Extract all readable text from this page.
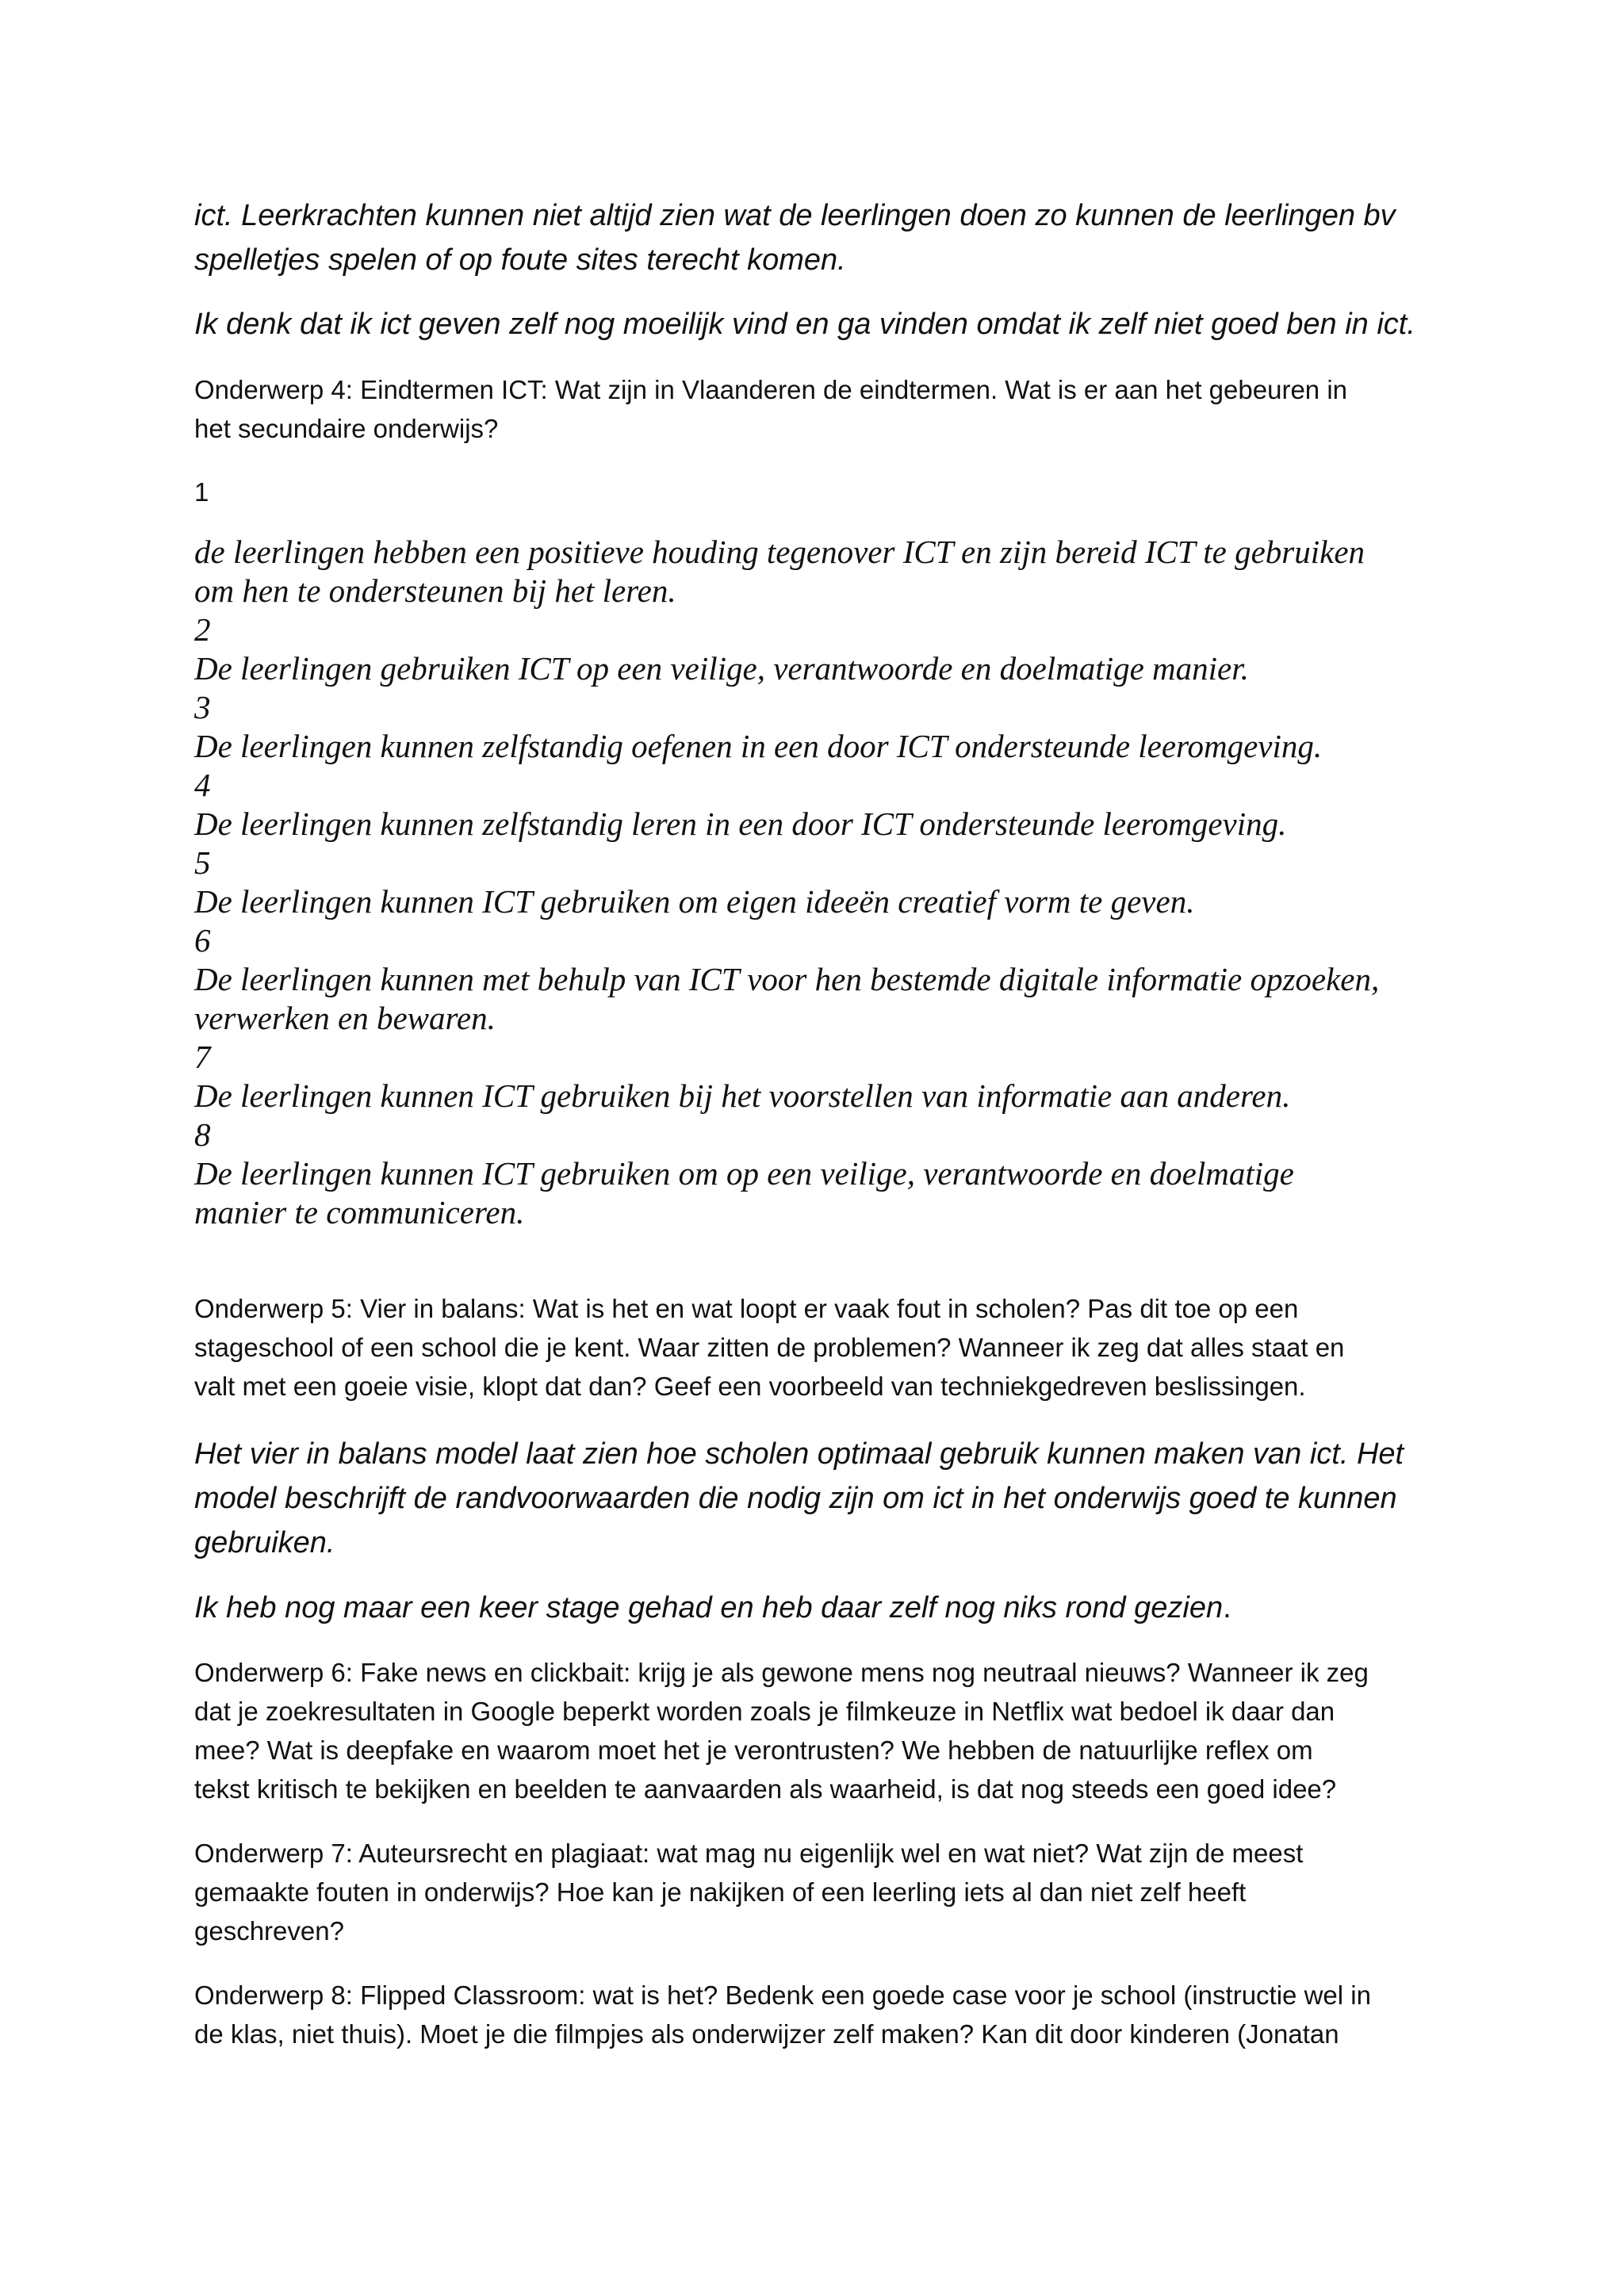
ict. Leerkrachten kunnen niet altijd zien wat de leerlingen doen zo kunnen de leerlingen bv
spelletjes spelen of op foute sites terecht komen.
Ik denk dat ik ict geven zelf nog moeilijk vind en ga vinden omdat ik zelf niet goed ben in ict.
Onderwerp 4: Eindtermen ICT: Wat zijn in Vlaanderen de eindtermen. Wat is er aan het gebeuren in
het secundaire onderwijs?
1
de leerlingen hebben een positieve houding tegenover ICT en zijn bereid ICT te gebruiken
om hen te ondersteunen bij het leren.
2
De leerlingen gebruiken ICT op een veilige, verantwoorde en doelmatige manier.
3
De leerlingen kunnen zelfstandig oefenen in een door ICT ondersteunde leeromgeving.
4
De leerlingen kunnen zelfstandig leren in een door ICT ondersteunde leeromgeving.
5
De leerlingen kunnen ICT gebruiken om eigen ideeën creatief vorm te geven.
6
De leerlingen kunnen met behulp van ICT voor hen bestemde digitale informatie opzoeken,
verwerken en bewaren.
7
De leerlingen kunnen ICT gebruiken bij het voorstellen van informatie aan anderen.
8
De leerlingen kunnen ICT gebruiken om op een veilige, verantwoorde en doelmatige
manier te communiceren.
Onderwerp 5: Vier in balans: Wat is het en wat loopt er vaak fout in scholen? Pas dit toe op een
stageschool of een school die je kent. Waar zitten de problemen? Wanneer ik zeg dat alles staat en
valt met een goeie visie, klopt dat dan? Geef een voorbeeld van techniekgedreven beslissingen.
Het vier in balans model laat zien hoe scholen optimaal gebruik kunnen maken van ict. Het
model beschrijft de randvoorwaarden die nodig zijn om ict in het onderwijs goed te kunnen
gebruiken.
Ik heb nog maar een keer stage gehad en heb daar zelf nog niks rond gezien.
Onderwerp 6: Fake news en clickbait: krijg je als gewone mens nog neutraal nieuws? Wanneer ik zeg
dat je zoekresultaten in Google beperkt worden zoals je filmkeuze in Netflix wat bedoel ik daar dan
mee? Wat is deepfake en waarom moet het je verontrusten? We hebben de natuurlijke reflex om
tekst kritisch te bekijken en beelden te aanvaarden als waarheid, is dat nog steeds een goed idee?
Onderwerp 7: Auteursrecht en plagiaat: wat mag nu eigenlijk wel en wat niet? Wat zijn de meest
gemaakte fouten in onderwijs? Hoe kan je nakijken of een leerling iets al dan niet zelf heeft
geschreven?
Onderwerp 8: Flipped Classroom: wat is het? Bedenk een goede case voor je school (instructie wel in
de klas, niet thuis). Moet je die filmpjes als onderwijzer zelf maken? Kan dit door kinderen (Jonatan
